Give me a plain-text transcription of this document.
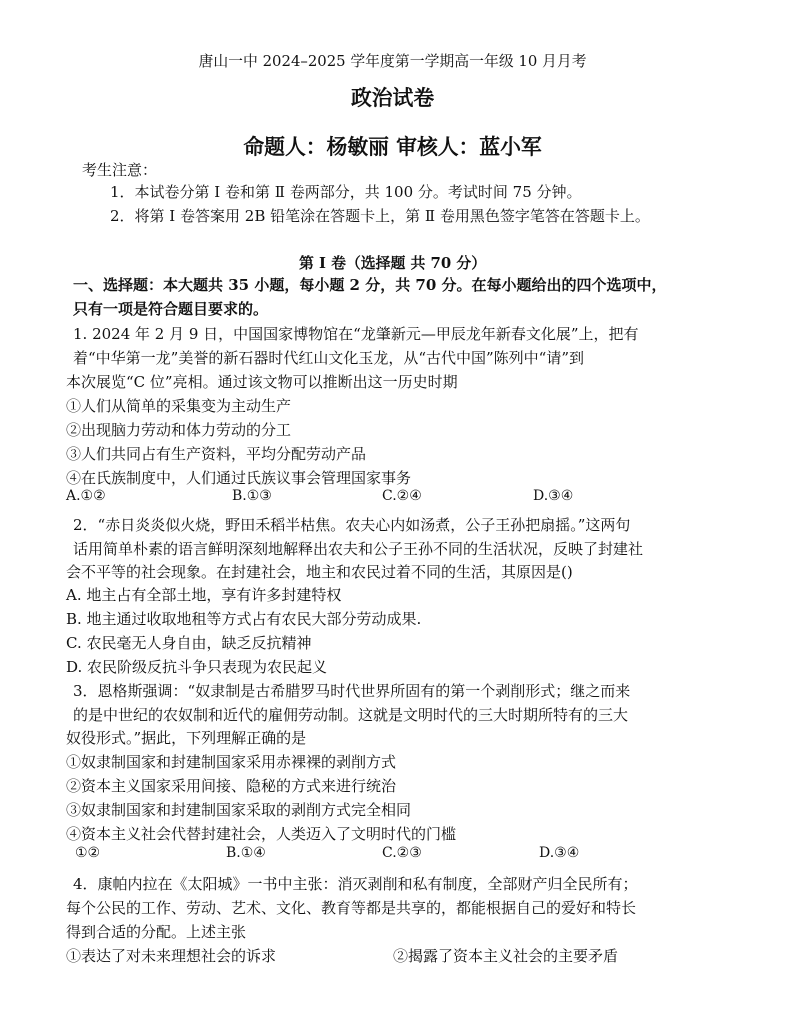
唐山一中 2024–2025 学年度第一学期高一年级 10 月月考
政治试卷
命题人：杨敏丽 审核人：蓝小军
考生注意：
1．本试卷分第 Ⅰ 卷和第 Ⅱ 卷两部分，共 100 分。考试时间 75 分钟。
2．将第 Ⅰ 卷答案用 2B 铅笔涂在答题卡上，第 Ⅱ 卷用黑色签字笔答在答题卡上。
第 Ⅰ 卷（选择题 共 70 分）
一、选择题：本大题共 35 小题，每小题 2 分，共 70 分。在每小题给出的四个选项中，
只有一项是符合题目要求的。
1. 2024 年 2 月 9 日，中国国家博物馆在“龙肇新元—甲辰龙年新春文化展”上，把有
着“中华第一龙”美誉的新石器时代红山文化玉龙，从“古代中国”陈列中“请”到
本次展览“C 位”亮相。通过该文物可以推断出这一历史时期
①人们从简单的采集变为主动生产
②出现脑力劳动和体力劳动的分工
③人们共同占有生产资料，平均分配劳动产品
④在氏族制度中，人们通过氏族议事会管理国家事务
A.①②	B.①③	C.②④	D.③④
2．“赤日炎炎似火烧，野田禾稻半枯焦。农夫心内如汤煮，公子王孙把扇摇。”这两句
话用简单朴素的语言鲜明深刻地解释出农夫和公子王孙不同的生活状况，反映了封建社
会不平等的社会现象。在封建社会，地主和农民过着不同的生活，其原因是()
A. 地主占有全部土地，享有许多封建特权
B. 地主通过收取地租等方式占有农民大部分劳动成果.
C. 农民毫无人身自由，缺乏反抗精神
D. 农民阶级反抗斗争只表现为农民起义
3．恩格斯强调：“奴隶制是古希腊罗马时代世界所固有的第一个剥削形式；继之而来
的是中世纪的农奴制和近代的雇佣劳动制。这就是文明时代的三大时期所特有的三大
奴役形式。”据此，下列理解正确的是
①奴隶制国家和封建制国家采用赤裸裸的剥削方式
②资本主义国家采用间接、隐秘的方式来进行统治
③奴隶制国家和封建制国家采取的剥削方式完全相同
④资本主义社会代替封建社会，人类迈入了文明时代的门槛
①②	B.①④	C.②③	D.③④
4．康帕内拉在《太阳城》一书中主张：消灭剥削和私有制度，全部财产归全民所有；
每个公民的工作、劳动、艺术、文化、教育等都是共享的，都能根据自己的爱好和特长
得到合适的分配。上述主张
①表达了对未来理想社会的诉求	②揭露了资本主义社会的主要矛盾
